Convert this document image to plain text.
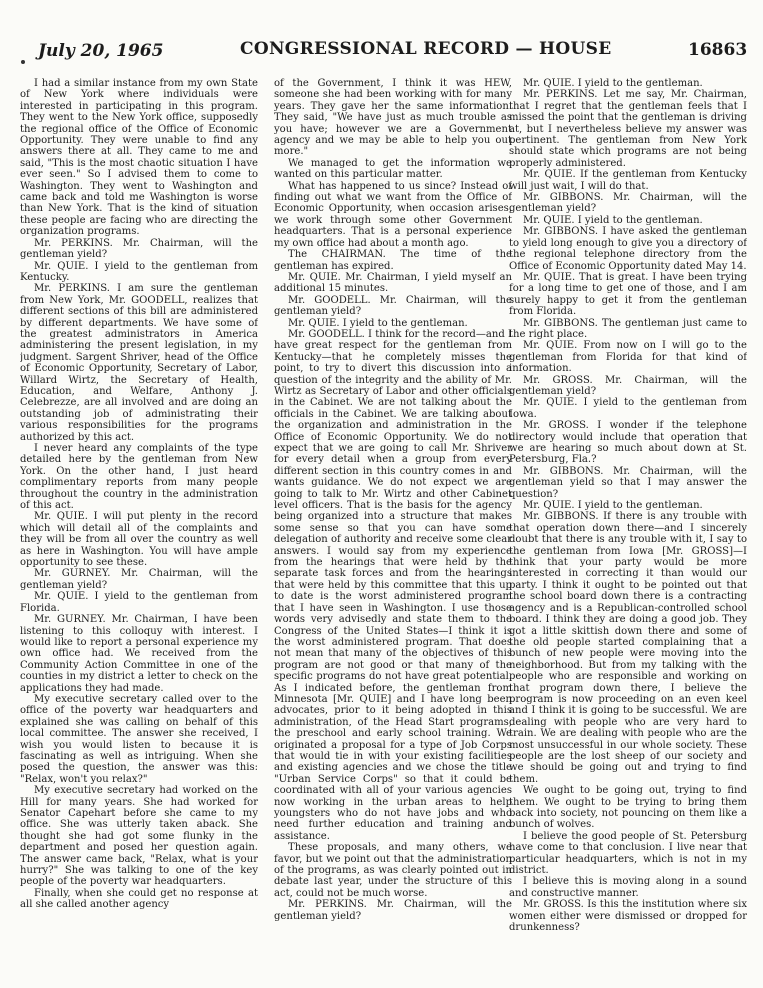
July 20, 1965	CONGRESSIONAL RECORD — HOUSE	16863

I had a similar instance from my own State of New York where individuals were interested in participating in this program. They went to the New York office, supposedly the regional office of the Office of Economic Opportunity. They were unable to find any answers there at all. They came to me and said, "This is the most chaotic situation I have ever seen." So I advised them to come to Washington. They went to Washington and came back and told me Washington is worse than New York. That is the kind of situation these people are facing who are directing the organization programs.

Mr. PERKINS. Mr. Chairman, will the gentleman yield?

Mr. QUIE. I yield to the gentleman from Kentucky.

Mr. PERKINS. I am sure the gentleman from New York, Mr. GOODELL, realizes that different sections of this bill are administered by different departments. We have some of the greatest administrators in America administering the present legislation, in my judgment. Sargent Shriver, head of the Office of Economic Opportunity, Secretary of Labor, Willard Wirtz, the Secretary of Health, Education, and Welfare, Anthony J. Celebrezze, are all involved and are doing an outstanding job of administrating their various responsibilities for the programs authorized by this act.

I never heard any complaints of the type detailed here by the gentleman from New York. On the other hand, I just heard complimentary reports from many people throughout the country in the administration of this act.

Mr. QUIE. I will put plenty in the record which will detail all of the complaints and they will be from all over the country as well as here in Washington. You will have ample opportunity to see these.

Mr. GURNEY. Mr. Chairman, will the gentleman yield?

Mr. QUIE. I yield to the gentleman from Florida.

Mr. GURNEY. Mr. Chairman, I have been listening to this colloquy with interest. I would like to report a personal experience my own office had. We received from the Community Action Committee in one of the counties in my district a letter to check on the applications they had made.

My executive secretary called over to the office of the poverty war headquarters and explained she was calling on behalf of this local committee. The answer she received, I wish you would listen to because it is fascinating as well as intriguing. When she posed the question, the answer was this: "Relax, won't you relax?"

My executive secretary had worked on the Hill for many years. She had worked for Senator Capehart before she came to my office. She was utterly taken aback. She thought she had got some flunky in the department and posed her question again. The answer came back, "Relax, what is your hurry?" She was talking to one of the key people of the poverty war headquarters.

Finally, when she could get no response at all she called another agency

of the Government, I think it was HEW, someone she had been working with for many years. They gave her the same information. They said, "We have just as much trouble as you have; however we are a Government agency and we may be able to help you out more."

We managed to get the information we wanted on this particular matter.

What has happened to us since? Instead of finding out what we want from the Office of Economic Opportunity, when occasion arises, we work through some other Government headquarters. That is a personal experience my own office had about a month ago.

The CHAIRMAN. The time of the gentleman has expired.

Mr. QUIE. Mr. Chairman, I yield myself an additional 15 minutes.

Mr. GOODELL. Mr. Chairman, will the gentleman yield?

Mr. QUIE. I yield to the gentleman.

Mr. GOODELL. I think for the record—and I have great respect for the gentleman from Kentucky—that he completely misses the point, to try to divert this discussion into a question of the integrity and the ability of Mr. Wirtz as Secretary of Labor and other officials in the Cabinet. We are not talking about the officials in the Cabinet. We are talking about the organization and administration in the Office of Economic Opportunity. We do not expect that we are going to call Mr. Shriver for every detail when a group from every different section in this country comes in and wants guidance. We do not expect we are going to talk to Mr. Wirtz and other Cabinet level officers. That is the basis for the agency being organized into a structure that makes some sense so that you can have some delegation of authority and receive some clear answers. I would say from my experience from the hearings that were held by the separate task forces and from the hearings that were held by this committee that this up to date is the worst administered program that I have seen in Washington. I use those words very advisedly and state them to the Congress of the United States—I think it is the worst administered program. That does not mean that many of the objectives of this program are not good or that many of the specific programs do not have great potential. As I indicated before, the gentleman from Minnesota [Mr. QUIE] and I have long been advocates, prior to it being adopted in this administration, of the Head Start programs, the preschool and early school training. We originated a proposal for a type of Job Corps that would tie in with your existing facilities and existing agencies and we chose the title "Urban Service Corps" so that it could be coordinated with all of your various agencies now working in the urban areas to help youngsters who do not have jobs and who need further education and training and assistance.

These proposals, and many others, we favor, but we point out that the administration of the programs, as was clearly pointed out in debate last year, under the structure of this act, could not be much worse.

Mr. PERKINS. Mr. Chairman, will the gentleman yield?

Mr. QUIE. I yield to the gentleman.

Mr. PERKINS. Let me say, Mr. Chairman, that I regret that the gentleman feels that I missed the point that the gentleman is driving at, but I nevertheless believe my answer was pertinent. The gentleman from New York should state which programs are not being properly administered.

Mr. QUIE. If the gentleman from Kentucky will just wait, I will do that.

Mr. GIBBONS. Mr. Chairman, will the gentleman yield?

Mr. QUIE. I yield to the gentleman.

Mr. GIBBONS. I have asked the gentleman to yield long enough to give you a directory of the regional telephone directory from the Office of Economic Opportunity dated May 14.

Mr. QUIE. That is great. I have been trying for a long time to get one of those, and I am surely happy to get it from the gentleman from Florida.

Mr. GIBBONS. The gentleman just came to the right place.

Mr. QUIE. From now on I will go to the gentleman from Florida for that kind of information.

Mr. GROSS. Mr. Chairman, will the gentleman yield?

Mr. QUIE. I yield to the gentleman from Iowa.

Mr. GROSS. I wonder if the telephone directory would include that operation that we are hearing so much about down at St. Petersburg, Fla.?

Mr. GIBBONS. Mr. Chairman, will the gentleman yield so that I may answer the question?

Mr. QUIE. I yield to the gentleman.

Mr. GIBBONS. If there is any trouble with that operation down there—and I sincerely doubt that there is any trouble with it, I say to the gentleman from Iowa [Mr. GROSS]—I think that your party would be more interested in correcting it than would our party. I think it ought to be pointed out that the school board down there is a contracting agency and is a Republican-controlled school board. I think they are doing a good job. They got a little skittish down there and some of the old people started complaining that a bunch of new people were moving into the neighborhood. But from my talking with the people who are responsible and working on that program down there, I believe the program is now proceeding on an even keel and I think it is going to be successful. We are dealing with people who are very hard to train. We are dealing with people who are the most unsuccessful in our whole society. These people are the lost sheep of our society and we should be going out and trying to find them.

We ought to be going out, trying to find them. We ought to be trying to bring them back into society, not pouncing on them like a bunch of wolves.

I believe the good people of St. Petersburg have come to that conclusion. I live near that particular headquarters, which is not in my district.

I believe this is moving along in a sound and constructive manner.

Mr. GROSS. Is this the institution where six women either were dismissed or dropped for drunkenness?
